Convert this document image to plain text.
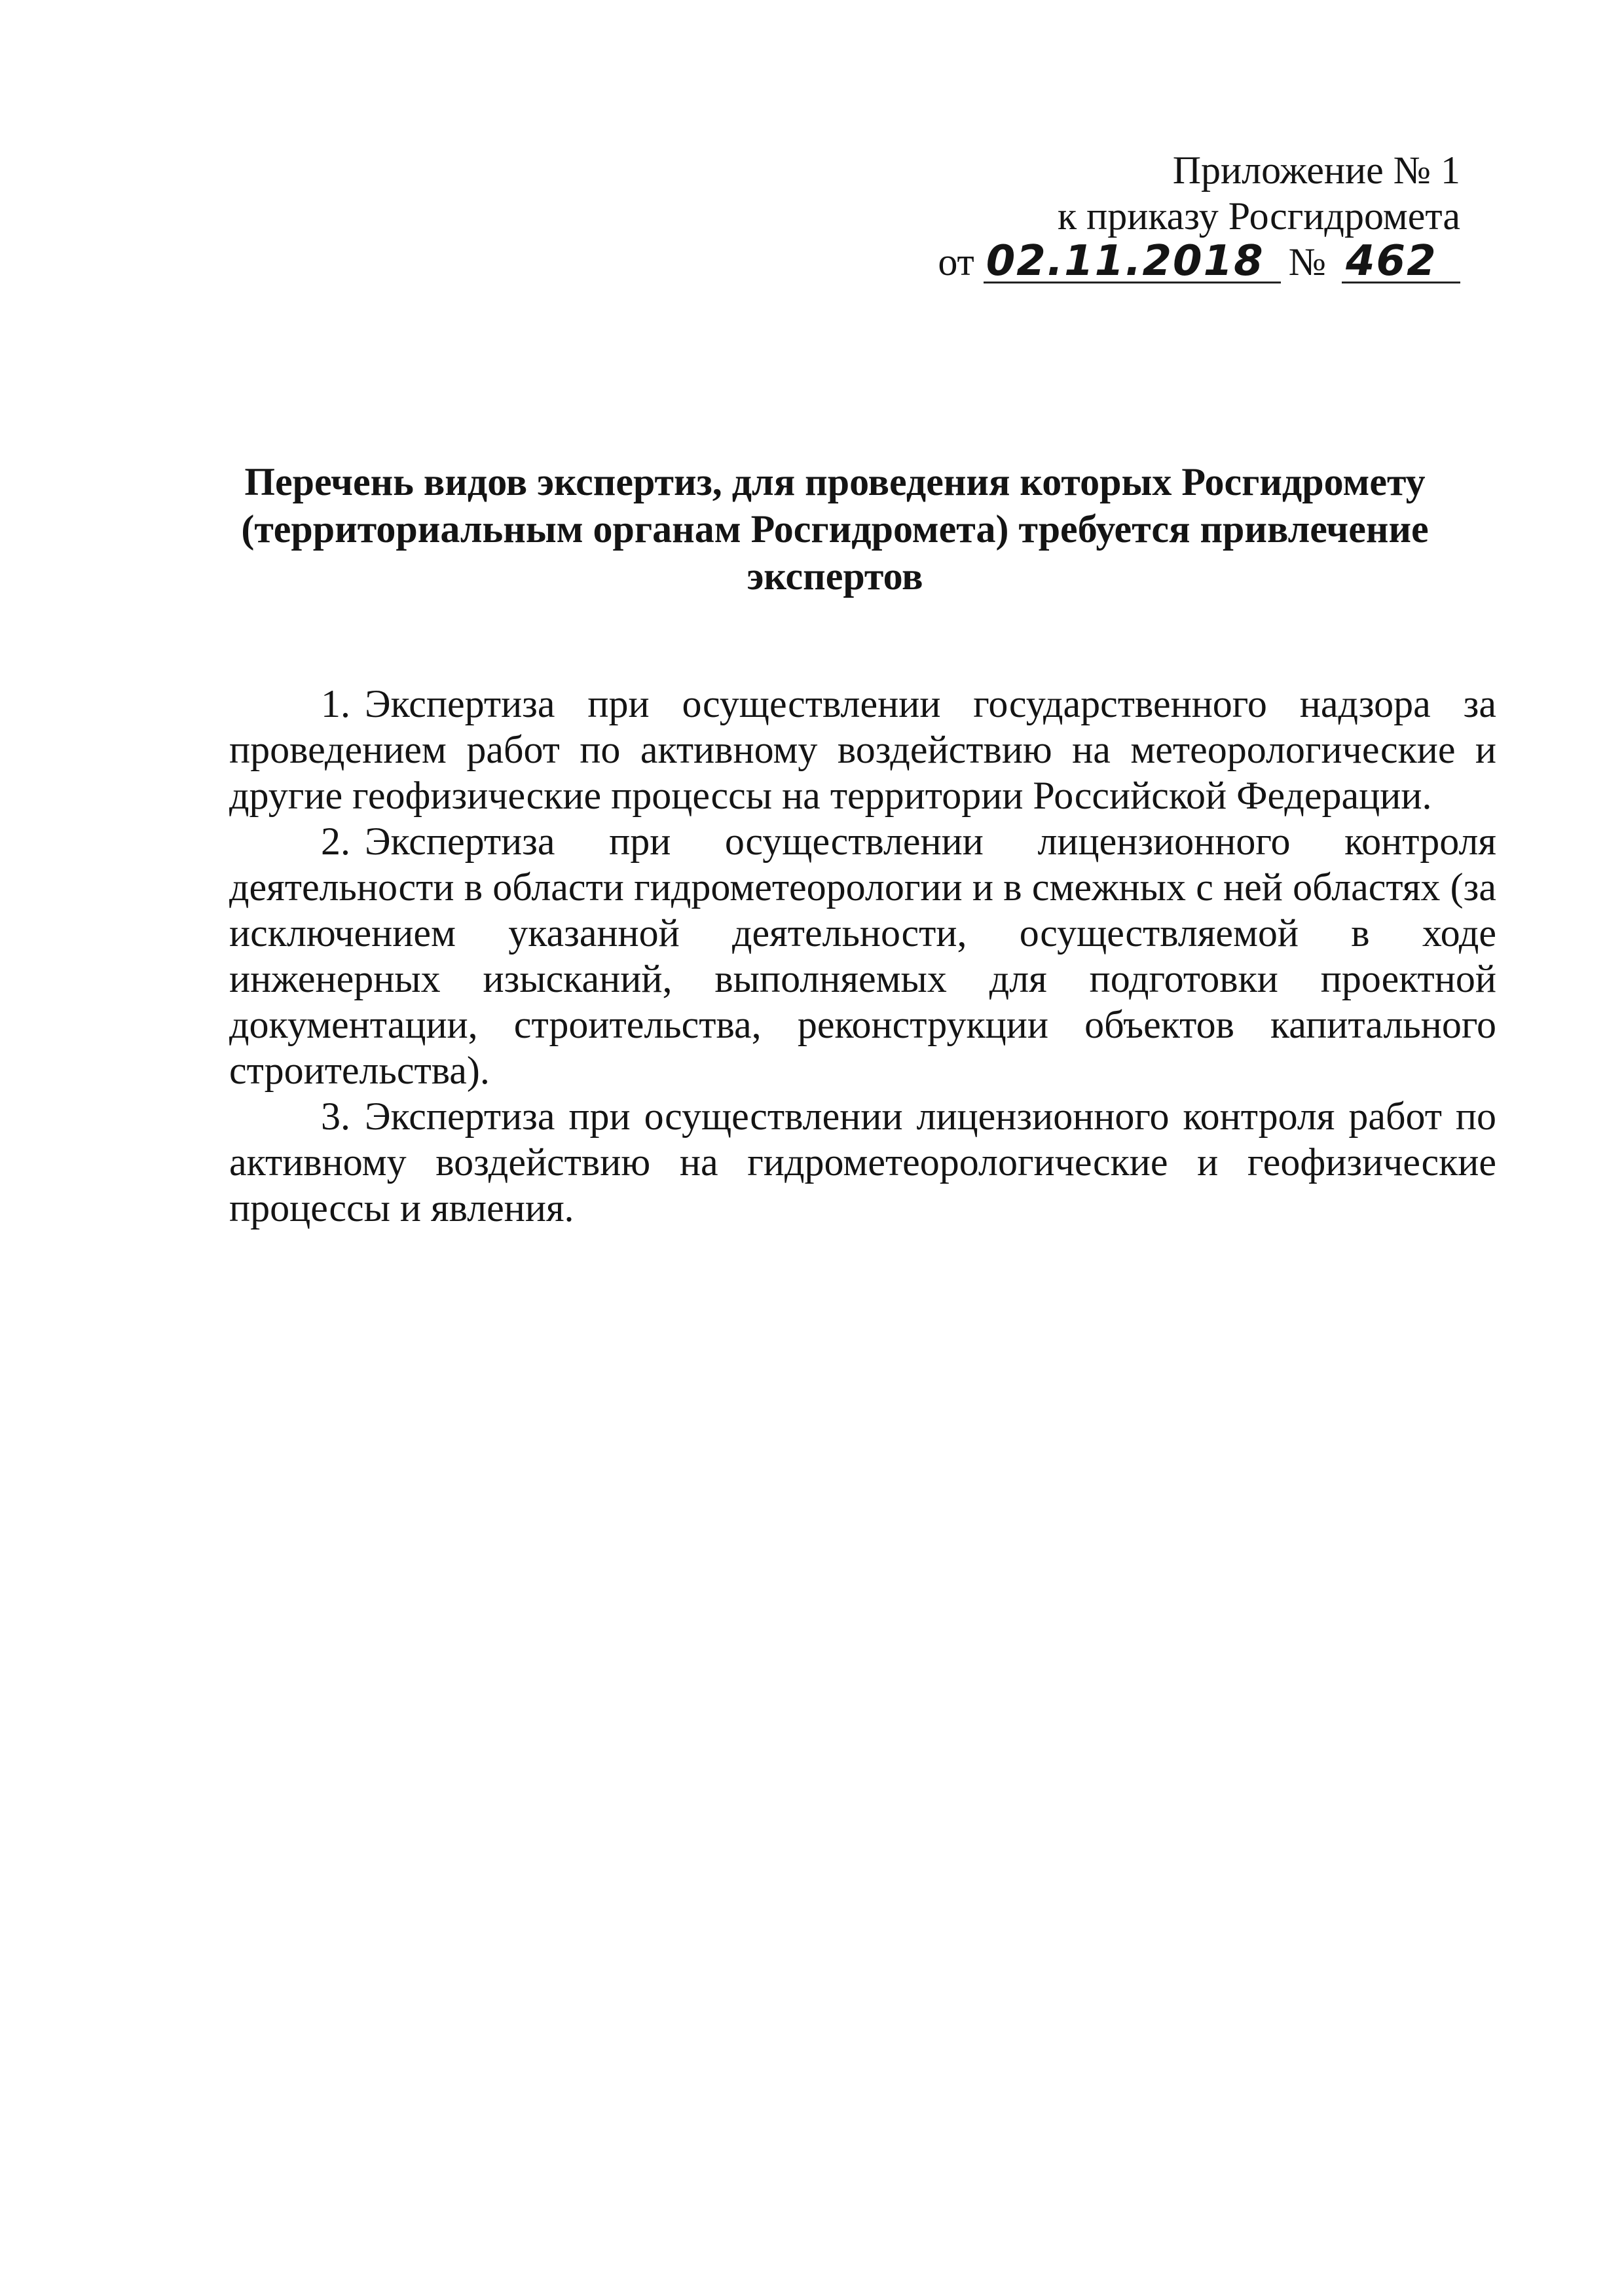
Приложение № 1
к приказу Росгидромета
от 02.11.2018 № 462
Перечень видов экспертиз, для проведения которых Росгидромету
(территориальным органам Росгидромета) требуется привлечение
экспертов

1. Экспертиза при осуществлении государственного надзора за проведением работ по активному воздействию на метеорологические и другие геофизические процессы на территории Российской Федерации.

2. Экспертиза при осуществлении лицензионного контроля деятельности в области гидрометеорологии и в смежных с ней областях (за исключением указанной деятельности, осуществляемой в ходе инженерных изысканий, выполняемых для подготовки проектной документации, строительства, реконструкции объектов капитального строительства).

3. Экспертиза при осуществлении лицензионного контроля работ по активному воздействию на гидрометеорологические и геофизические процессы и явления.
